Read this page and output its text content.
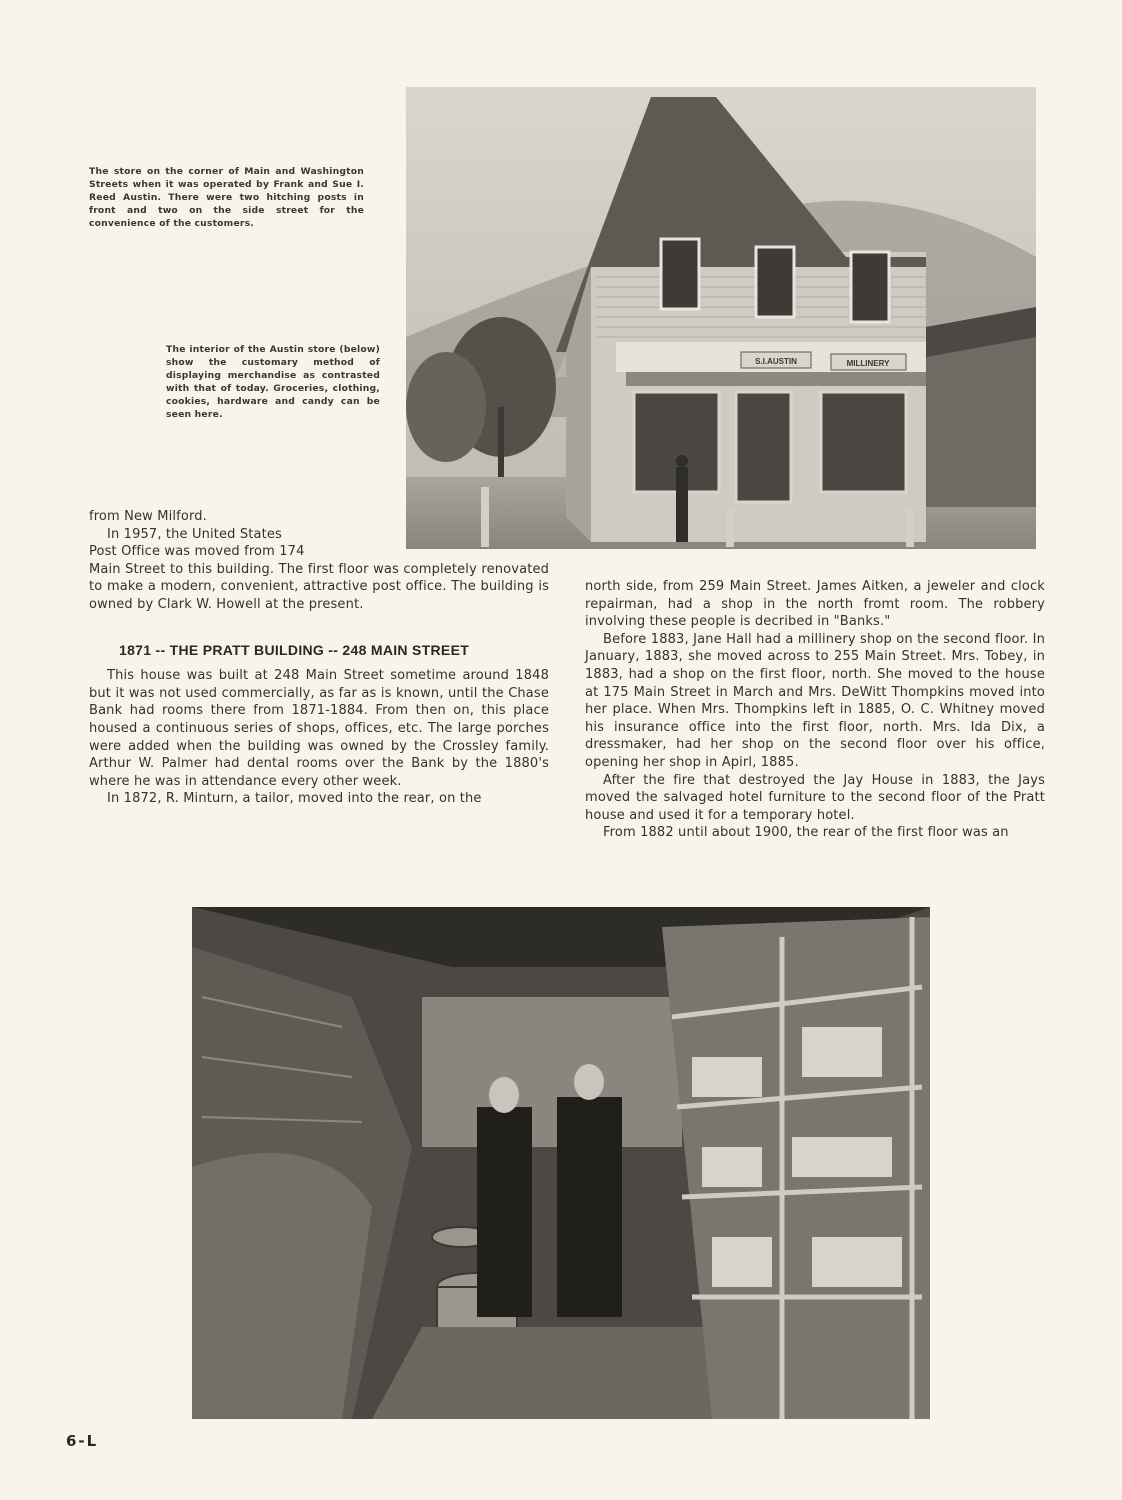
The store on the corner of Main and Washington Streets when it was operated by Frank and Sue I. Reed Austin. There were two hitching posts in front and two on the side street for the convenience of the customers.
The interior of the Austin store (below) show the customary method of displaying merchandise as contrasted with that of today. Groceries, clothing, cookies, hardware and candy can be seen here.
S.I.AUSTIN	MILLINERY

from New Milford.

In 1957, the United States

Post Office was moved from 174

Main Street to this building. The first floor was completely renovated to make a modern, convenient, attractive post office. The building is owned by Clark W. Howell at the present.

1871 -- THE PRATT BUILDING -- 248 MAIN STREET

This house was built at 248 Main Street sometime around 1848 but it was not used commercially, as far as is known, until the Chase Bank had rooms there from 1871-1884. From then on, this place housed a continuous series of shops, offices, etc. The large porches were added when the building was owned by the Crossley family. Arthur W. Palmer had dental rooms over the Bank by the 1880's where he was in attendance every other week.

In 1872, R. Minturn, a tailor, moved into the rear, on the

north side, from 259 Main Street. James Aitken, a jeweler and clock repairman, had a shop in the north fromt room. The robbery involving these people is decribed in "Banks."

Before 1883, Jane Hall had a millinery shop on the second floor. In January, 1883, she moved across to 255 Main Street. Mrs. Tobey, in 1883, had a shop on the first floor, north. She moved to the house at 175 Main Street in March and Mrs. DeWitt Thompkins moved into her place. When Mrs. Thompkins left in 1885, O. C. Whitney moved his insurance office into the first floor, north. Mrs. Ida Dix, a dressmaker, had her shop on the second floor over his office, opening her shop in Apirl, 1885.

After the fire that destroyed the Jay House in 1883, the Jays moved the salvaged hotel furniture to the second floor of the Pratt house and used it for a temporary hotel.

From 1882 until about 1900, the rear of the first floor was an

6-L
